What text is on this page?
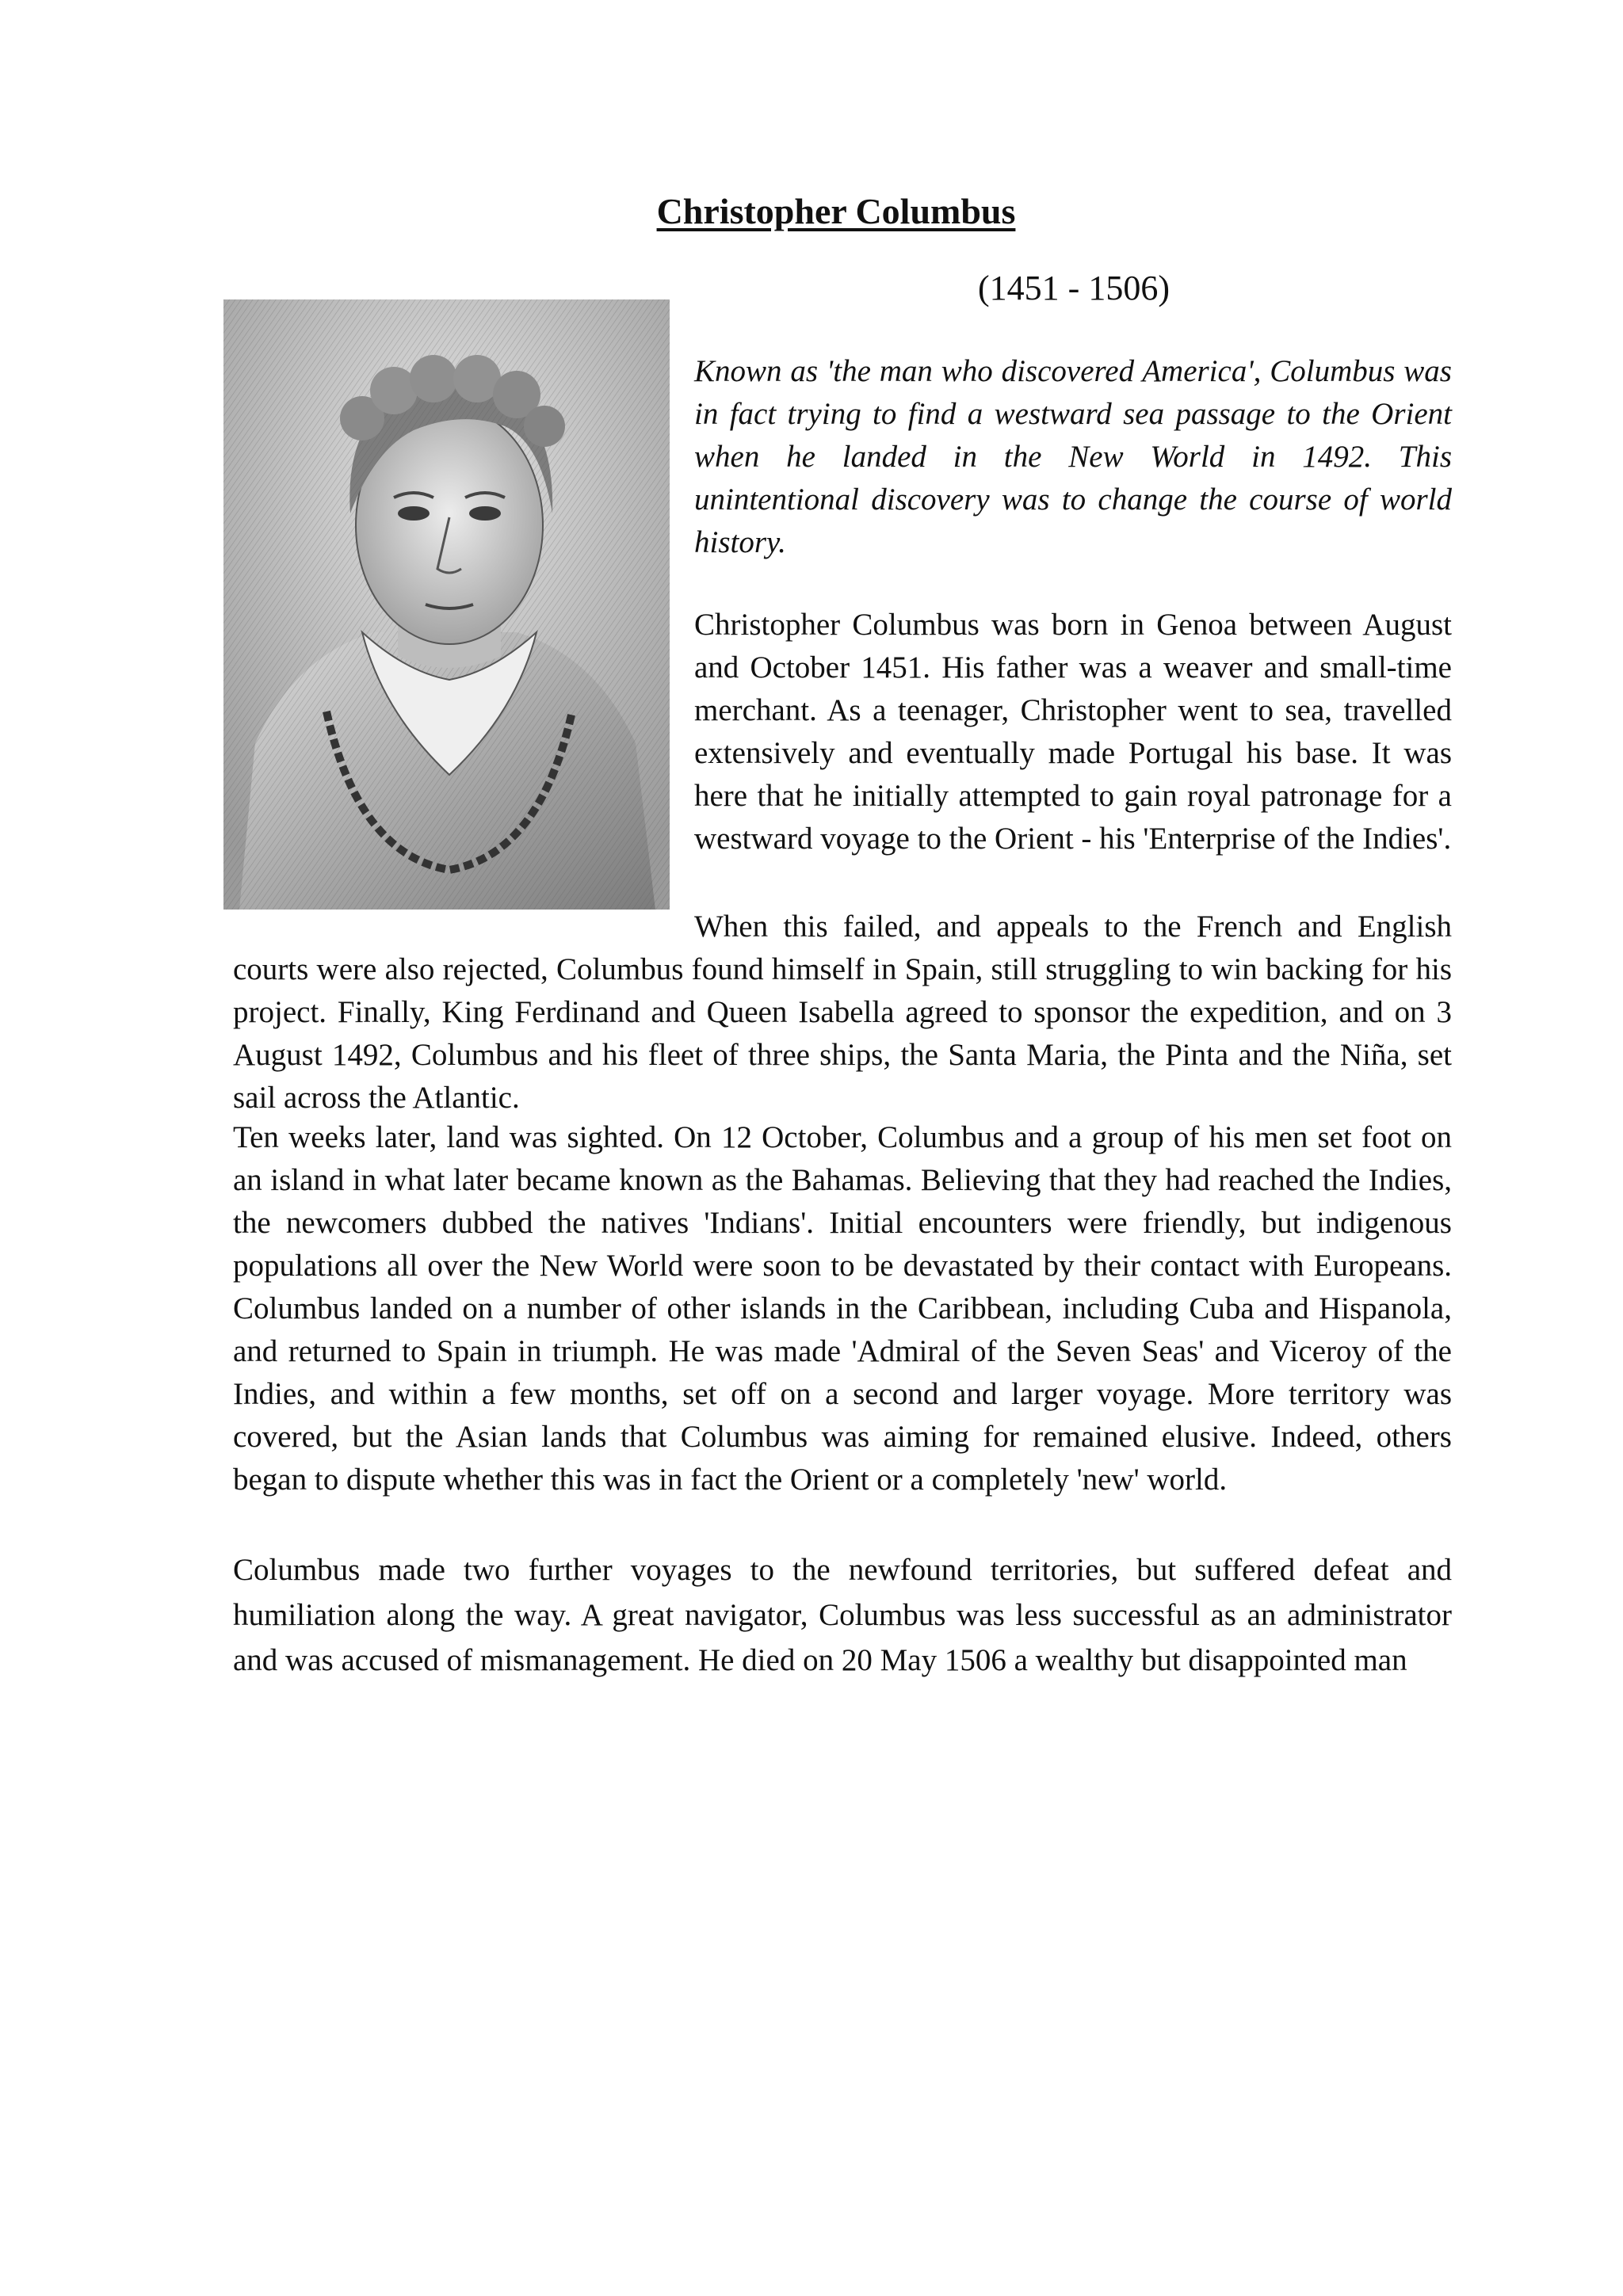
Christopher Columbus
(1451 - 1506)

Known as 'the man who discovered America', Columbus was in fact trying to find a westward sea passage to the Orient when he landed in the New World in 1492. This unintentional discovery was to change the course of world history.

Christopher Columbus was born in Genoa between August and October 1451. His father was a weaver and small-time merchant. As a teenager, Christopher went to sea, travelled extensively and eventually made Portugal his base. It was here that he initially attempted to gain royal patronage for a westward voyage to the Orient - his 'Enterprise of the Indies'.

When this failed, and appeals to the French and English courts were also rejected, Columbus found himself in Spain, still struggling to win backing for his project. Finally, King Ferdinand and Queen Isabella agreed to sponsor the expedition, and on 3 August 1492, Columbus and his fleet of three ships, the Santa Maria, the Pinta and the Niña, set sail across the Atlantic.

Ten weeks later, land was sighted. On 12 October, Columbus and a group of his men set foot on an island in what later became known as the Bahamas. Believing that they had reached the Indies, the newcomers dubbed the natives 'Indians'. Initial encounters were friendly, but indigenous populations all over the New World were soon to be devastated by their contact with Europeans. Columbus landed on a number of other islands in the Caribbean, including Cuba and Hispanola, and returned to Spain in triumph. He was made 'Admiral of the Seven Seas' and Viceroy of the Indies, and within a few months, set off on a second and larger voyage. More territory was covered, but the Asian lands that Columbus was aiming for remained elusive. Indeed, others began to dispute whether this was in fact the Orient or a completely 'new' world.

Columbus made two further voyages to the newfound territories, but suffered defeat and humiliation along the way. A great navigator, Columbus was less successful as an administrator and was accused of mismanagement. He died on 20 May 1506 a wealthy but disappointed man
